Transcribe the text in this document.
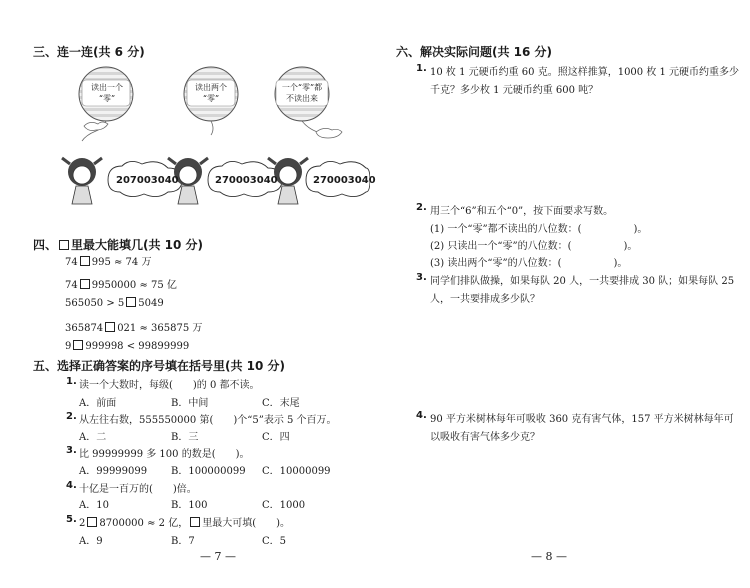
三、连一连(共 6 分)
读出一个
“零”
读出两个
“零”
一个“零”都
不读出来
207003040	270003040	270003040
四、 里最大能填几(共 10 分)
74 995 ≈ 74 万
74 9950000 ≈ 75 亿
565050 > 5 5049
365874 021 ≈ 365875 万
9 999998 < 99899999
五、选择正确答案的序号填在括号里(共 10 分)
1. 读一个大数时，每级(　　)的 0 都不读。
A．前面	B．中间	C．末尾
2. 从左往右数，555550000 第(　　)个“5”表示 5 个百万。
A．二	B．三	C．四
3. 比 99999999 多 100 的数是(　　)。
A．99999099 B．100000099 C．10000099
4. 十亿是一百万的(　　)倍。
A．10	B．100	C．1000
5. 2 8700000 ≈ 2 亿， 里最大可填(　　)。
A．9	B．7	C．5
— 7 —
六、解决实际问题(共 16 分)
1. 10 枚 1 元硬币约重 60 克。照这样推算，1000 枚 1 元硬币约重多少
千克？多少枚 1 元硬币约重 600 吨？
2. 用三个“6”和五个“0”，按下面要求写数。
(1) 一个“零”都不读出的八位数：(	)。
(2) 只读出一个“零”的八位数：(	)。
(3) 读出两个“零”的八位数：(	)。
3. 同学们排队做操，如果每队 20 人，一共要排成 30 队；如果每队 25
人，一共要排成多少队？
4. 90 平方米树林每年可吸收 360 克有害气体，157 平方米树林每年可
以吸收有害气体多少克？
— 8 —
